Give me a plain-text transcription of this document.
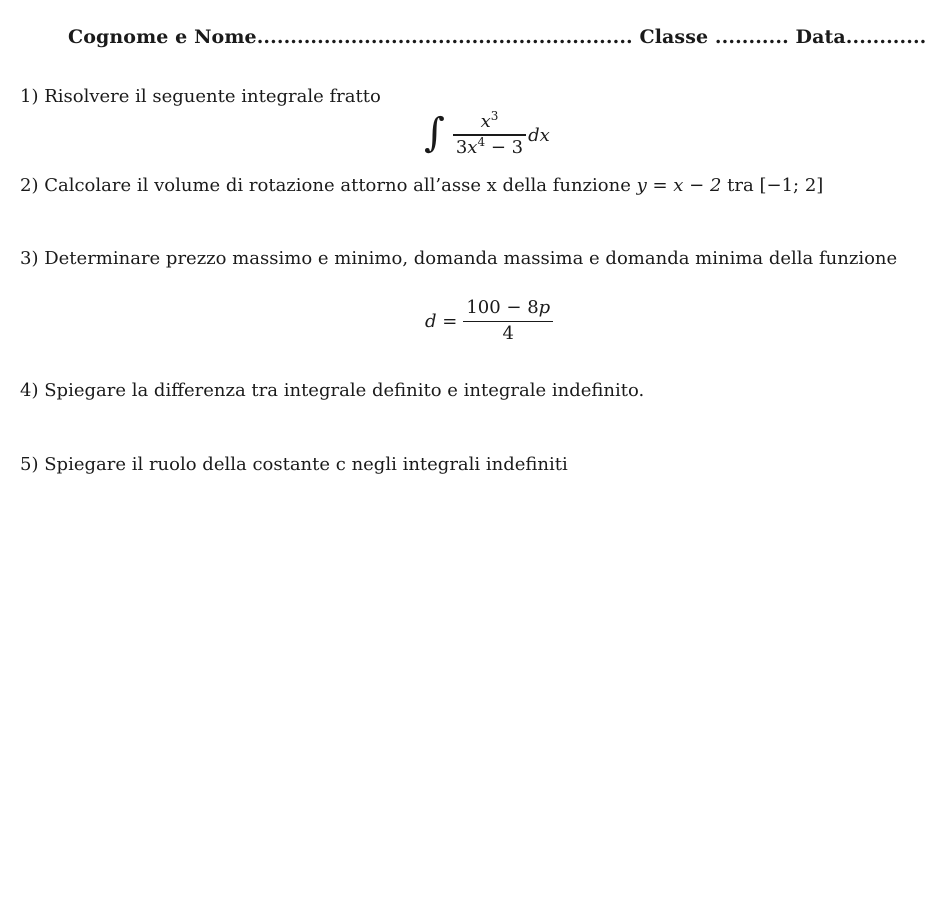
Cognome e Nome........................................................ Classe ........... Data............
1) Risolvere il seguente integrale fratto
∫ $\frac{x^3}{3x^4 - 3}$ dx
2) Calcolare il volume di rotazione attorno all’asse x della funzione y = x − 2 tra [−1; 2]
3) Determinare prezzo massimo e minimo, domanda massima e domanda minima della funzione
$d = \frac{100 - 8p}{4}$
4) Spiegare la differenza tra integrale definito e integrale indefinito.
5) Spiegare il ruolo della costante c negli integrali indefiniti
